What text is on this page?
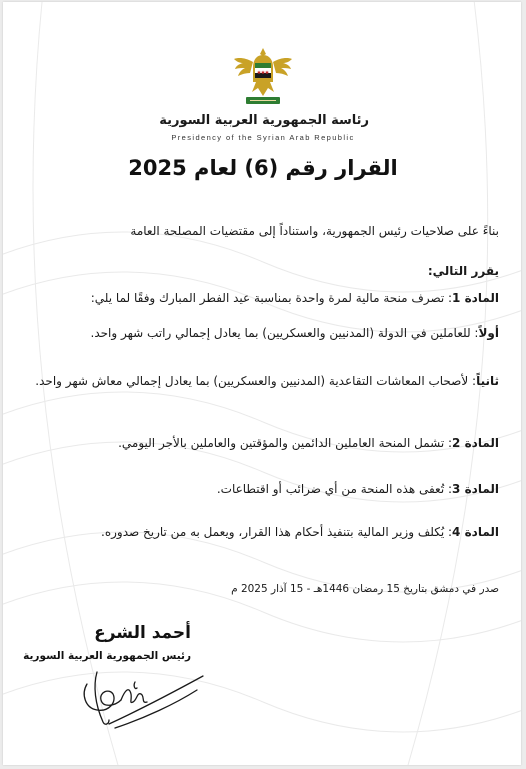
رئاسة الجمهورية العربية السورية
Presidency of the Syrian Arab Republic
القرار رقم (6) لعام 2025
بناءً على صلاحيات رئيس الجمهورية، واستناداً إلى مقتضيات المصلحة العامة
يقرر التالي:
المادة 1: تصرف منحة مالية لمرة واحدة بمناسبة عيد الفطر المبارك وفقًا لما يلي:
أولاً: للعاملين في الدولة (المدنيين والعسكريين) بما يعادل إجمالي راتب شهر واحد.
ثانياً: لأصحاب المعاشات التقاعدية (المدنيين والعسكريين) بما يعادل إجمالي معاش شهر واحد.
المادة 2: تشمل المنحة العاملين الدائمين والمؤقتين والعاملين بالأجر اليومي.
المادة 3: تُعفى هذه المنحة من أي ضرائب أو اقتطاعات.
المادة 4: يُكلف وزير المالية بتنفيذ أحكام هذا القرار، ويعمل به من تاريخ صدوره.
صدر في دمشق بتاريخ 15 رمضان 1446هـ - 15 آذار 2025 م
أحمد الشرع
رئيس الجمهورية العربية السورية
